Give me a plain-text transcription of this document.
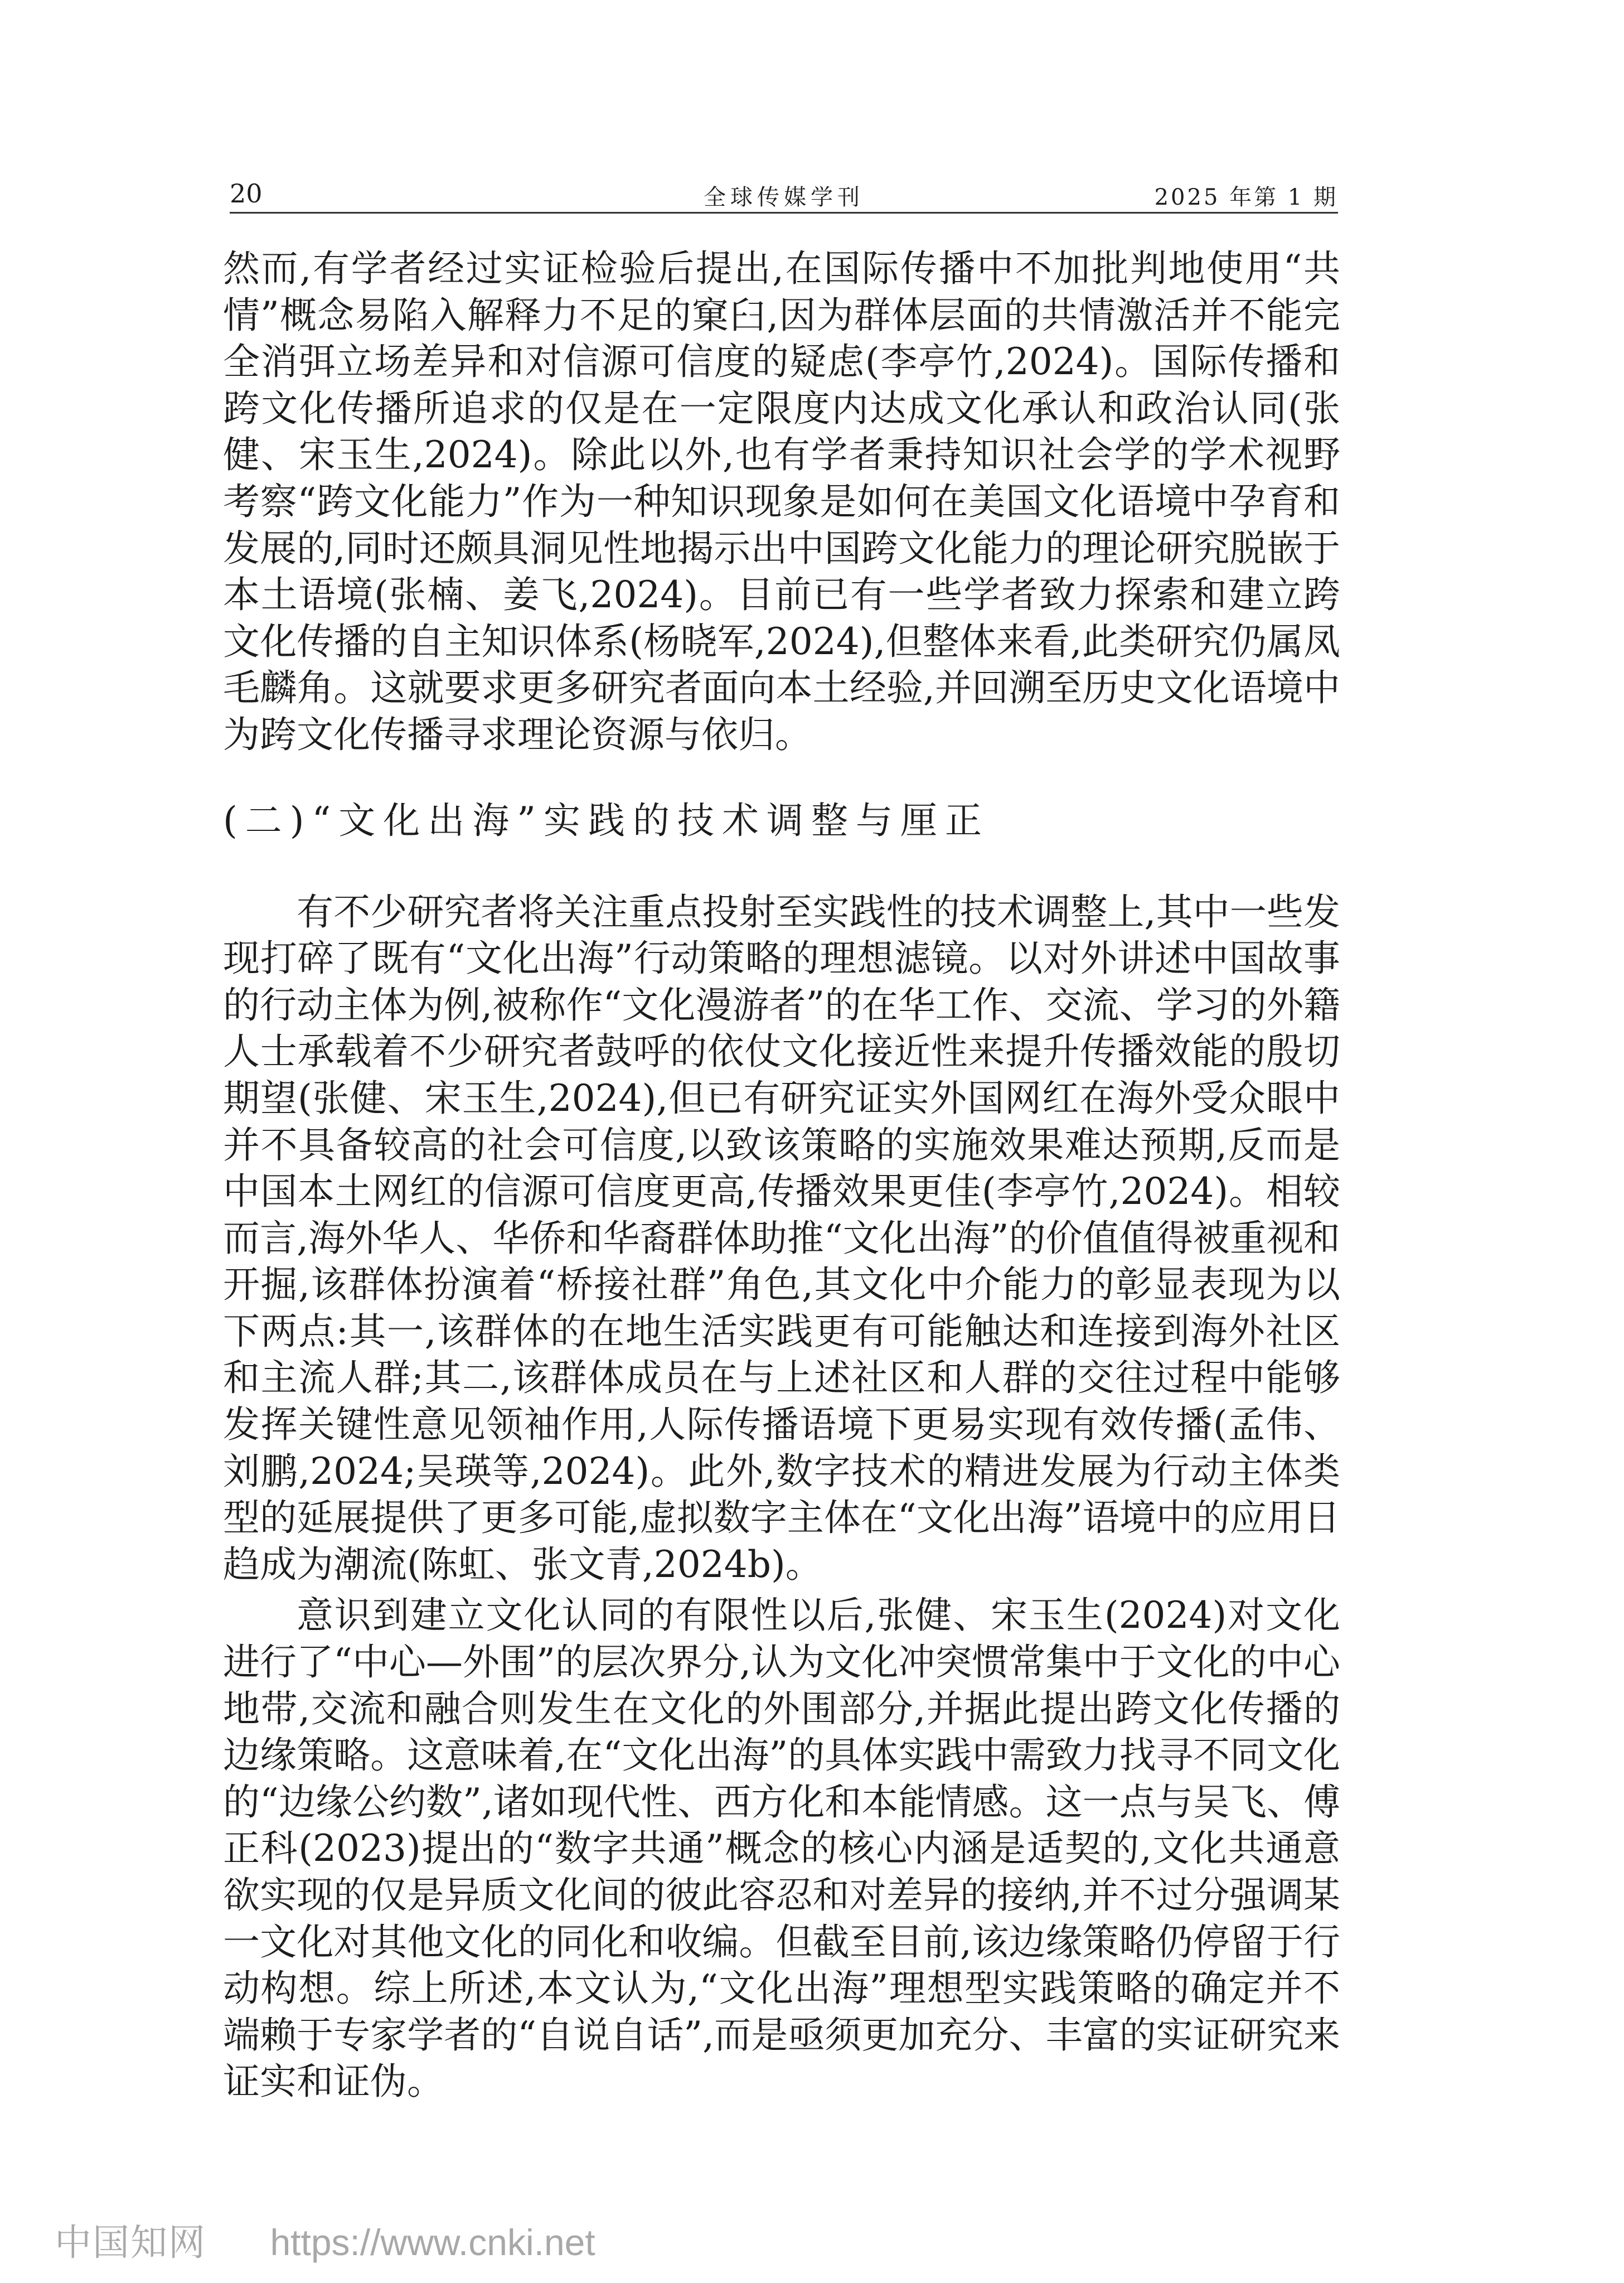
20	全球传媒学刊	2025 年第 1 期

然而,有学者经过实证检验后提出,在国际传播中不加批判地使用“共情”概念易陷入解释力不足的窠臼,因为群体层面的共情激活并不能完全消弭立场差异和对信源可信度的疑虑(李亭竹,2024)。国际传播和跨文化传播所追求的仅是在一定限度内达成文化承认和政治认同(张健、宋玉生,2024)。除此以外,也有学者秉持知识社会学的学术视野考察“跨文化能力”作为一种知识现象是如何在美国文化语境中孕育和发展的,同时还颇具洞见性地揭示出中国跨文化能力的理论研究脱嵌于本土语境(张楠、姜飞,2024)。目前已有一些学者致力探索和建立跨文化传播的自主知识体系(杨晓军,2024),但整体来看,此类研究仍属凤毛麟角。这就要求更多研究者面向本土经验,并回溯至历史文化语境中为跨文化传播寻求理论资源与依归。

(二)“文化出海”实践的技术调整与厘正

有不少研究者将关注重点投射至实践性的技术调整上,其中一些发现打碎了既有“文化出海”行动策略的理想滤镜。以对外讲述中国故事的行动主体为例,被称作“文化漫游者”的在华工作、交流、学习的外籍人士承载着不少研究者鼓呼的依仗文化接近性来提升传播效能的殷切期望(张健、宋玉生,2024),但已有研究证实外国网红在海外受众眼中并不具备较高的社会可信度,以致该策略的实施效果难达预期,反而是中国本土网红的信源可信度更高,传播效果更佳(李亭竹,2024)。相较而言,海外华人、华侨和华裔群体助推“文化出海”的价值值得被重视和开掘,该群体扮演着“桥接社群”角色,其文化中介能力的彰显表现为以下两点:其一,该群体的在地生活实践更有可能触达和连接到海外社区和主流人群;其二,该群体成员在与上述社区和人群的交往过程中能够发挥关键性意见领袖作用,人际传播语境下更易实现有效传播(孟伟、刘鹏,2024;吴瑛等,2024)。此外,数字技术的精进发展为行动主体类型的延展提供了更多可能,虚拟数字主体在“文化出海”语境中的应用日趋成为潮流(陈虹、张文青,2024b)。

意识到建立文化认同的有限性以后,张健、宋玉生(2024)对文化进行了“中心—外围”的层次界分,认为文化冲突惯常集中于文化的中心地带,交流和融合则发生在文化的外围部分,并据此提出跨文化传播的边缘策略。这意味着,在“文化出海”的具体实践中需致力找寻不同文化的“边缘公约数”,诸如现代性、西方化和本能情感。这一点与吴飞、傅正科(2023)提出的“数字共通”概念的核心内涵是适契的,文化共通意欲实现的仅是异质文化间的彼此容忍和对差异的接纳,并不过分强调某一文化对其他文化的同化和收编。但截至目前,该边缘策略仍停留于行动构想。综上所述,本文认为,“文化出海”理想型实践策略的确定并不端赖于专家学者的“自说自话”,而是亟须更加充分、丰富的实证研究来证实和证伪。

中国知网 https://www.cnki.net
